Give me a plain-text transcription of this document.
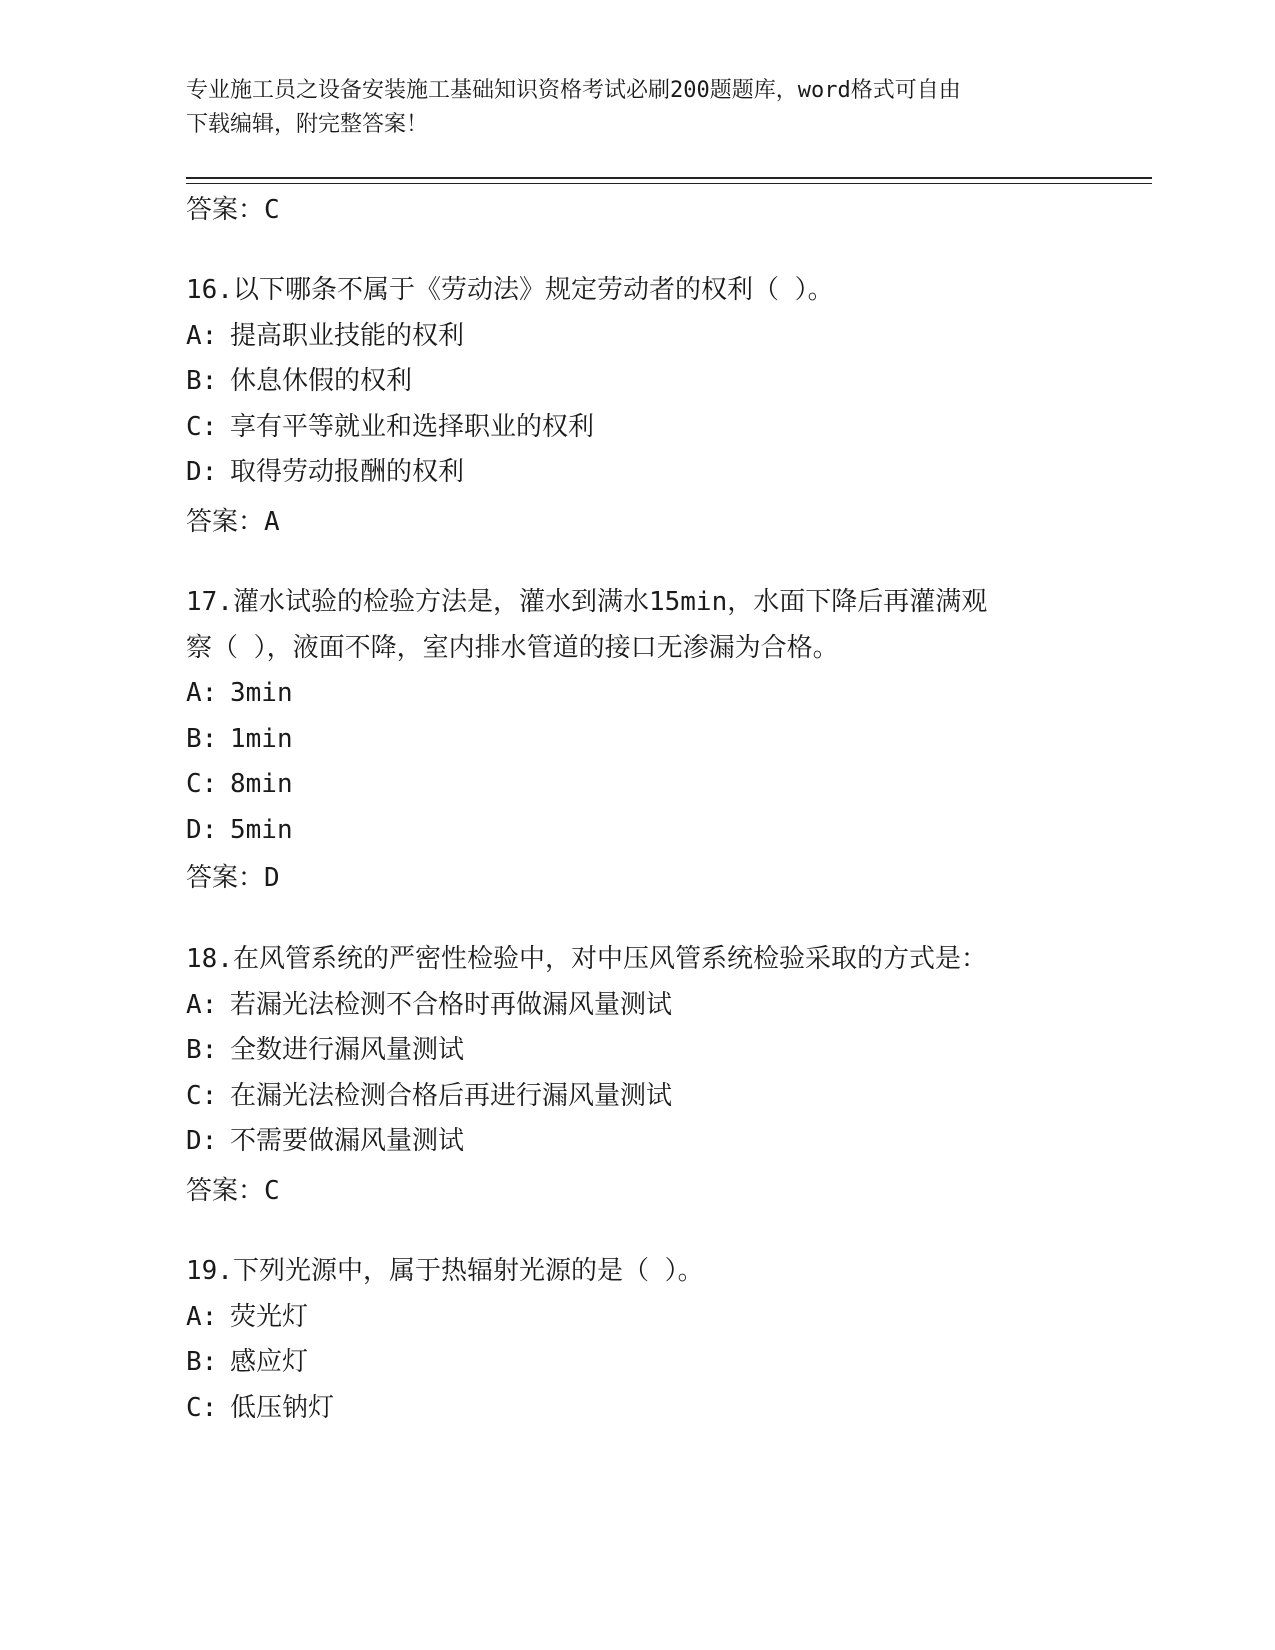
专业施工员之设备安装施工基础知识资格考试必刷200题题库，word格式可自由
下载编辑，附完整答案！
答案：C
16.以下哪条不属于《劳动法》规定劳动者的权利（ ）。
A: 提高职业技能的权利
B: 休息休假的权利
C: 享有平等就业和选择职业的权利
D: 取得劳动报酬的权利
答案：A
17.灌水试验的检验方法是，灌水到满水15min，水面下降后再灌满观
察（ ），液面不降，室内排水管道的接口无渗漏为合格。
A: 3min
B: 1min
C: 8min
D: 5min
答案：D
18.在风管系统的严密性检验中，对中压风管系统检验采取的方式是：
A: 若漏光法检测不合格时再做漏风量测试
B: 全数进行漏风量测试
C: 在漏光法检测合格后再进行漏风量测试
D: 不需要做漏风量测试
答案：C
19.下列光源中，属于热辐射光源的是（ ）。
A: 荧光灯
B: 感应灯
C: 低压钠灯
